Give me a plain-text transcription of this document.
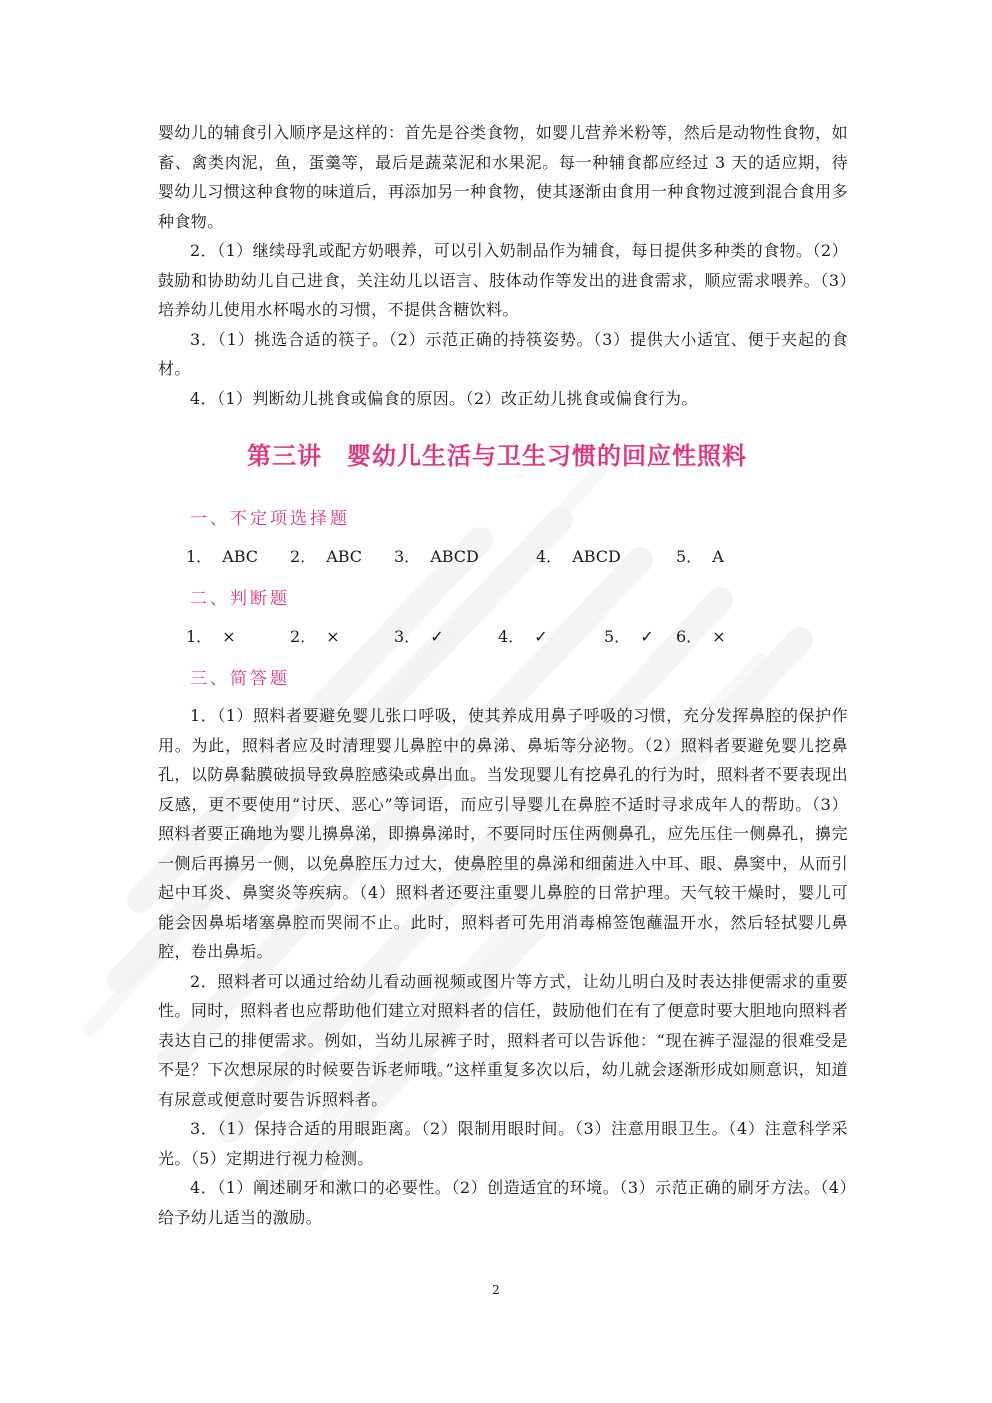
婴幼儿的辅食引入顺序是这样的：首先是谷类食物，如婴儿营养米粉等，然后是动物性食物，如畜、禽类肉泥，鱼，蛋羹等，最后是蔬菜泥和水果泥。每一种辅食都应经过 3 天的适应期，待婴幼儿习惯这种食物的味道后，再添加另一种食物，使其逐渐由食用一种食物过渡到混合食用多种食物。

2．（1）继续母乳或配方奶喂养，可以引入奶制品作为辅食，每日提供多种类的食物。（2）鼓励和协助幼儿自己进食，关注幼儿以语言、肢体动作等发出的进食需求，顺应需求喂养。（3）培养幼儿使用水杯喝水的习惯，不提供含糖饮料。

3．（1）挑选合适的筷子。（2）示范正确的持筷姿势。（3）提供大小适宜、便于夹起的食材。

4．（1）判断幼儿挑食或偏食的原因。（2）改正幼儿挑食或偏食行为。

第三讲　婴幼儿生活与卫生习惯的回应性照料
一、不定项选择题
1． ABC 2． ABC 3． ABCD	4． ABCD	5． A
二、判断题
1． ×	2． ×	3． ✓	4． ✓	5． ✓ 6． ×
三、简答题

1．（1）照料者要避免婴儿张口呼吸，使其养成用鼻子呼吸的习惯，充分发挥鼻腔的保护作用。为此，照料者应及时清理婴儿鼻腔中的鼻涕、鼻垢等分泌物。（2）照料者要避免婴儿挖鼻孔，以防鼻黏膜破损导致鼻腔感染或鼻出血。当发现婴儿有挖鼻孔的行为时，照料者不要表现出反感，更不要使用“讨厌、恶心”等词语，而应引导婴儿在鼻腔不适时寻求成年人的帮助。（3）照料者要正确地为婴儿擤鼻涕，即擤鼻涕时，不要同时压住两侧鼻孔，应先压住一侧鼻孔，擤完一侧后再擤另一侧，以免鼻腔压力过大，使鼻腔里的鼻涕和细菌进入中耳、眼、鼻窦中，从而引起中耳炎、鼻窦炎等疾病。（4）照料者还要注重婴儿鼻腔的日常护理。天气较干燥时，婴儿可能会因鼻垢堵塞鼻腔而哭闹不止。此时，照料者可先用消毒棉签饱蘸温开水，然后轻拭婴儿鼻腔，卷出鼻垢。

2．照料者可以通过给幼儿看动画视频或图片等方式，让幼儿明白及时表达排便需求的重要性。同时，照料者也应帮助他们建立对照料者的信任，鼓励他们在有了便意时要大胆地向照料者表达自己的排便需求。例如，当幼儿尿裤子时，照料者可以告诉他：“现在裤子湿湿的很难受是不是？下次想尿尿的时候要告诉老师哦。”这样重复多次以后，幼儿就会逐渐形成如厕意识，知道有尿意或便意时要告诉照料者。

3．（1）保持合适的用眼距离。（2）限制用眼时间。（3）注意用眼卫生。（4）注意科学采光。（5）定期进行视力检测。

4．（1）阐述刷牙和漱口的必要性。（2）创造适宜的环境。（3）示范正确的刷牙方法。（4）给予幼儿适当的激励。

2
